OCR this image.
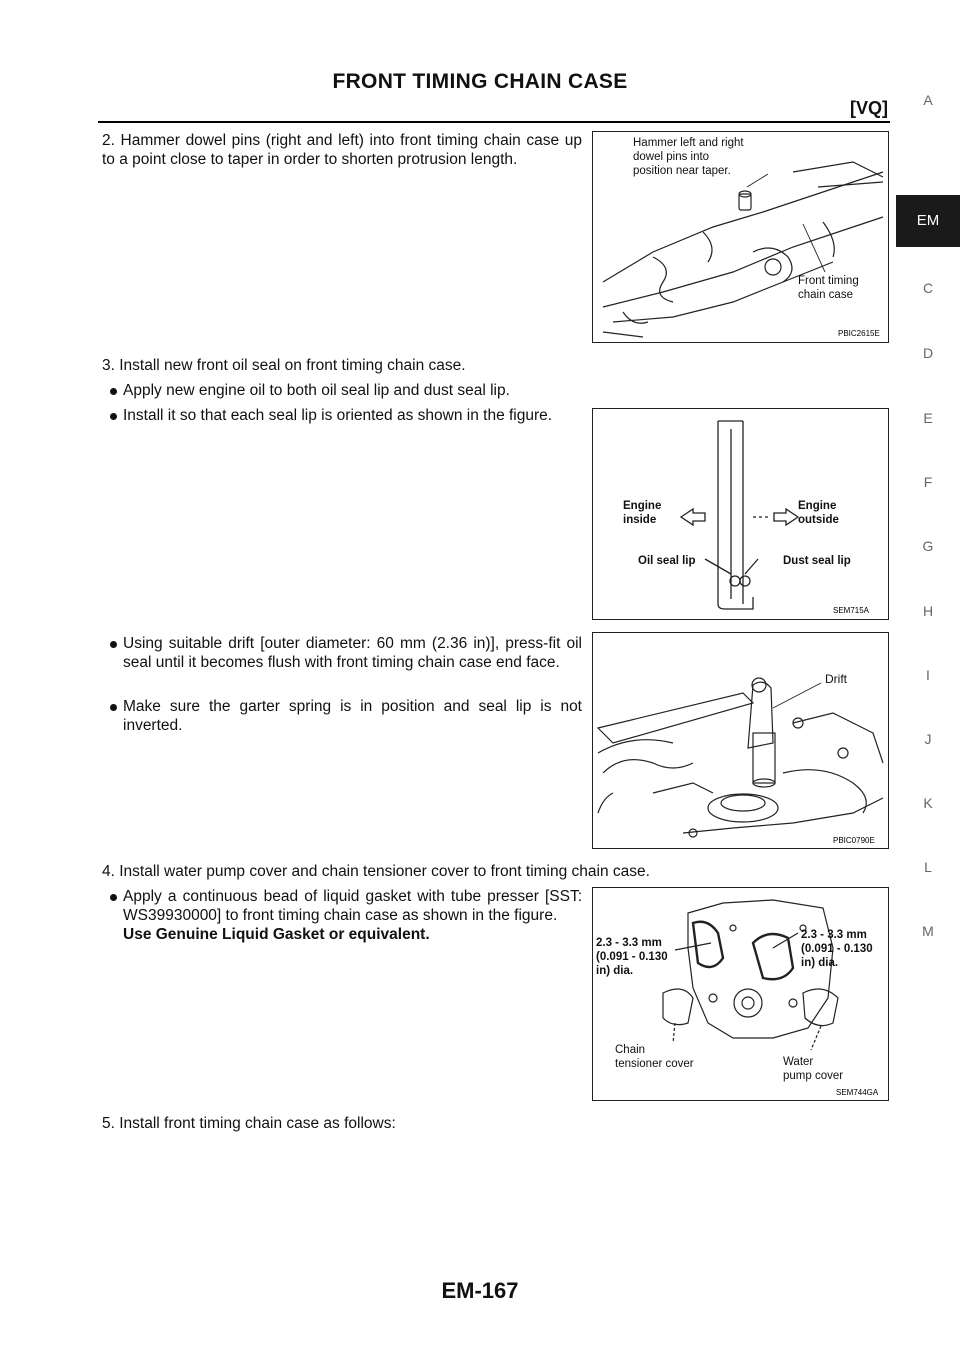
FRONT TIMING CHAIN CASE
[VQ]	A
EM
C
D
E
F
G
H
I
J
K
L
M
2. Hammer dowel pins (right and left) into front timing chain case up to a point close to taper in order to shorten protrusion length.
Hammer left and right
dowel pins into
position near taper.
Front timing
chain case
PBIC2615E
3. Install new front oil seal on front timing chain case.
Apply new engine oil to both oil seal lip and dust seal lip.
Install it so that each seal lip is oriented as shown in the figure.
Engine
inside
Engine
outside
Oil seal lip	Dust seal lip
SEM715A
Using suitable drift [outer diameter: 60 mm (2.36 in)], press-fit oil seal until it becomes flush with front timing chain case end face.
Make sure the garter spring is in position and seal lip is not inverted.
Drift
PBIC0790E
4. Install water pump cover and chain tensioner cover to front timing chain case.
Apply a continuous bead of liquid gasket with tube presser [SST: WS39930000] to front timing chain case as shown in the figure.
Use Genuine Liquid Gasket or equivalent.	2.3 - 3.3 mm
(0.091 - 0.130
in) dia.
2.3 - 3.3 mm
(0.091 - 0.130
in) dia.
Chain
tensioner cover	Water
pump cover
SEM744GA
5. Install front timing chain case as follows:
EM-167
